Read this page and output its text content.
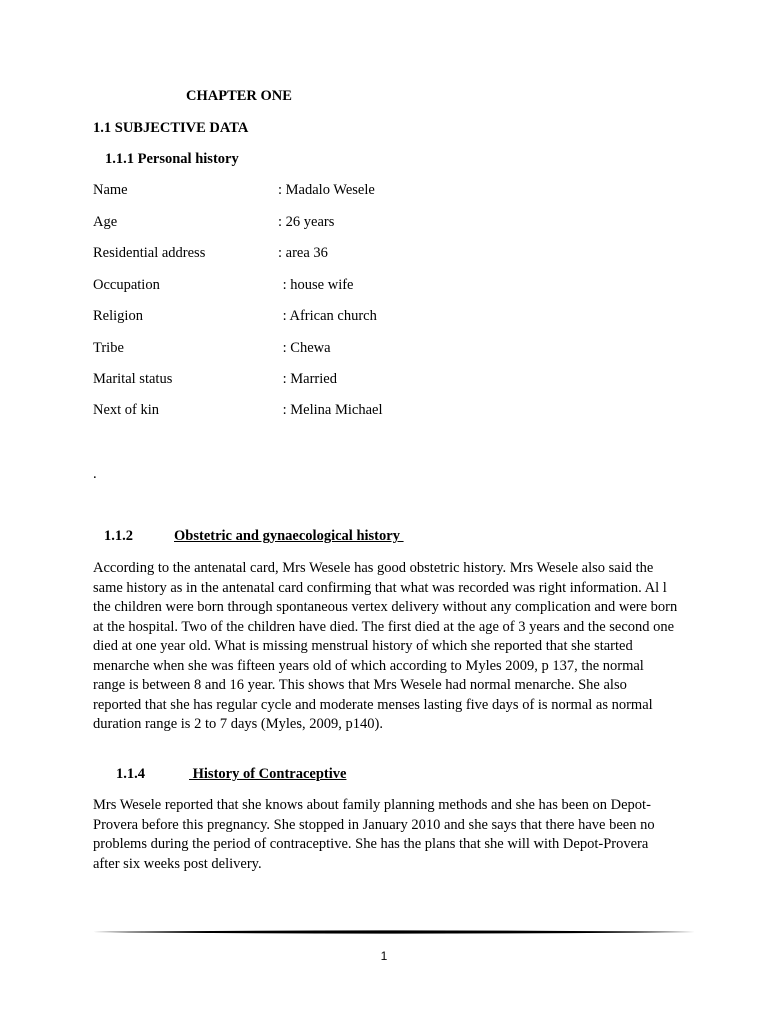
CHAPTER ONE
1.1 SUBJECTIVE DATA
1.1.1 Personal history
Name	: Madalo Wesele
Age	: 26 years
Residential address	: area 36
Occupation	: house wife
Religion	: African church
Tribe	: Chewa
Marital status	: Married
Next of kin	: Melina Michael
.
1.1.2	Obstetric and gynaecological history
According to the antenatal card, Mrs Wesele has good obstetric history. Mrs Wesele also said the same history as in the antenatal card confirming that what was recorded was right information. Al l the children were born through spontaneous vertex delivery without any complication and were born at the hospital. Two of the children have died. The first died at the age of 3 years and the second one died at one year old. What is missing menstrual history of which she reported that she started menarche when she was fifteen years old of which according to Myles 2009, p 137, the normal range is between 8 and 16 year. This shows that Mrs Wesele had normal menarche. She also reported that she has regular cycle and moderate menses lasting five days of is normal as normal duration range is 2 to 7 days (Myles, 2009, p140).
1.1.4	History of Contraceptive
Mrs Wesele reported that she knows about family planning methods and she has been on Depot-Provera before this pregnancy. She stopped in January 2010 and she says that there have been no problems during the period of contraceptive. She has the plans that she will with Depot-Provera after six weeks post delivery.
1
